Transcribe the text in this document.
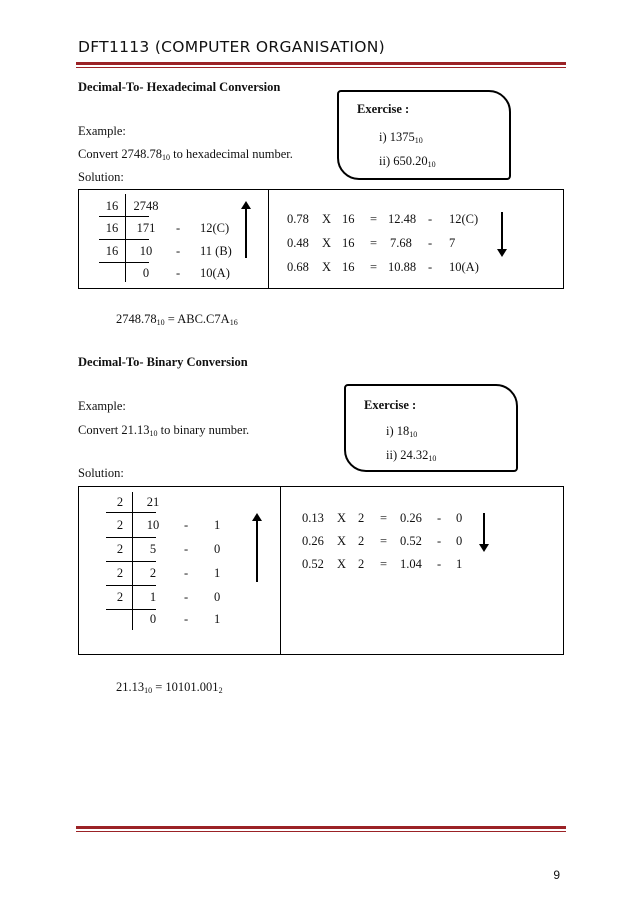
DFT1113 (COMPUTER ORGANISATION)
Decimal-To- Hexadecimal Conversion
Exercise :
i) $1375_{10}$
ii) $650.20_{10}$
Example:
Convert $2748.78_{10}$ to hexadecimal number.
Solution:
16
16
16
2748
171
10
0
- 12(C)
- 11 (B)
- 10(A)
0.78 X 16 = 12.48 - 12(C)
0.48 X 16 = 7.68 - 7
0.68 X 16 = 10.88 - 10(A)
$2748.78_{10} = ABC.C7A_{16}$
Decimal-To- Binary Conversion
Exercise :
i) $18_{10}$
ii) $24.32_{10}$
Example:
Convert $21.13_{10}$ to binary number.
Solution:
2
2
2
2
2
21
10
5
2
1
0
- 1
- 0
- 1
- 0
- 1
0.13 X 2 = 0.26 - 0
0.26 X 2 = 0.52 - 0
0.52 X 2 = 1.04 - 1
$21.13_{10} = 10101.001_2$
9
